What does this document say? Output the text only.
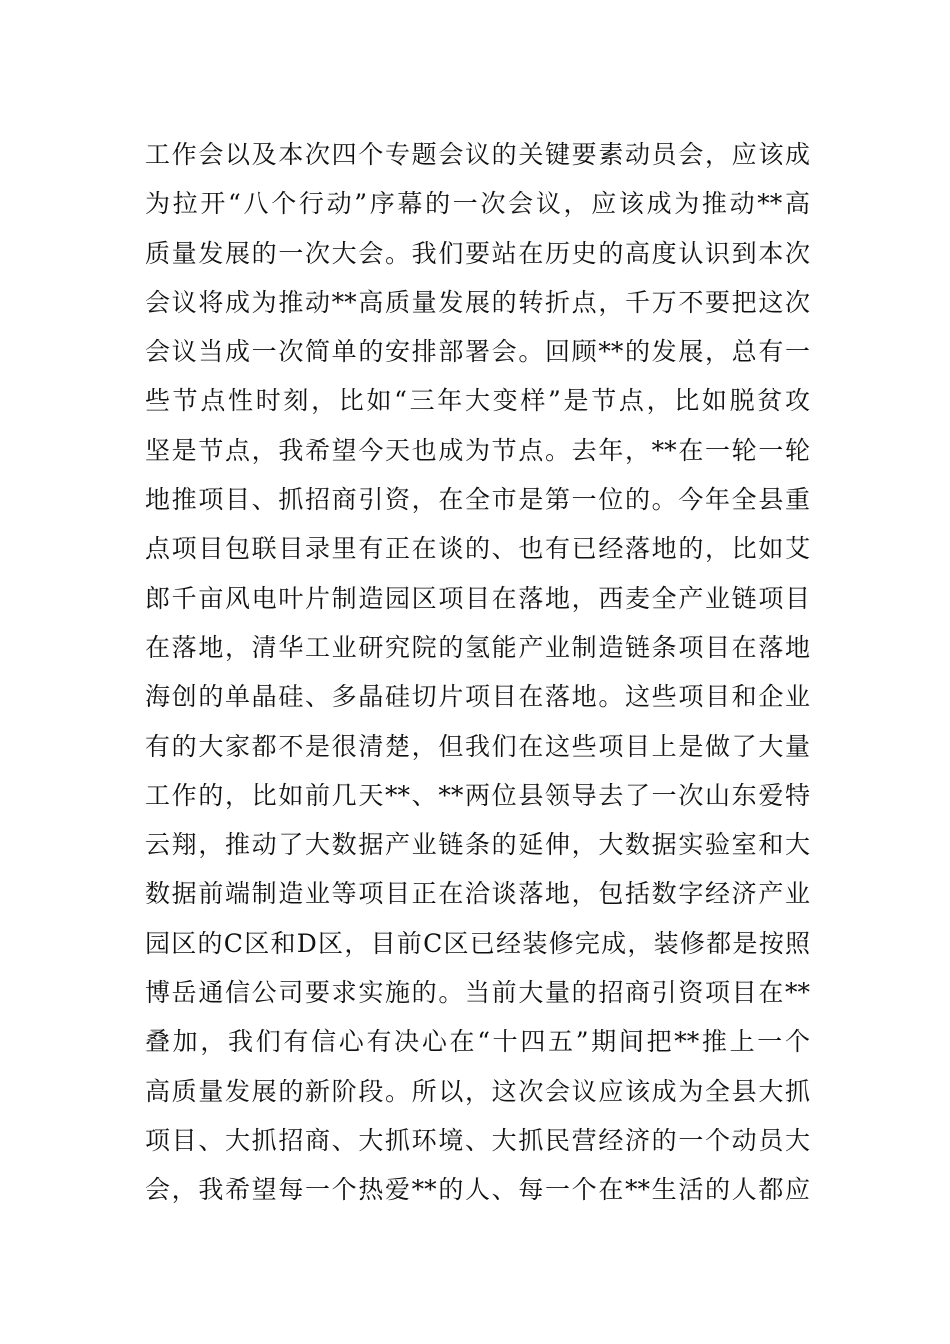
工作会以及本次四个专题会议的关键要素动员会，应该成
为拉开“八个行动”序幕的一次会议，应该成为推动**高
质量发展的一次大会。我们要站在历史的高度认识到本次
会议将成为推动**高质量发展的转折点，千万不要把这次
会议当成一次简单的安排部署会。回顾**的发展，总有一
些节点性时刻，比如“三年大变样”是节点，比如脱贫攻
坚是节点，我希望今天也成为节点。去年，**在一轮一轮
地推项目、抓招商引资，在全市是第一位的。今年全县重
点项目包联目录里有正在谈的、也有已经落地的，比如艾
郎千亩风电叶片制造园区项目在落地，西麦全产业链项目
在落地，清华工业研究院的氢能产业制造链条项目在落地
海创的单晶硅、多晶硅切片项目在落地。这些项目和企业
有的大家都不是很清楚，但我们在这些项目上是做了大量
工作的，比如前几天**、**两位县领导去了一次山东爱特
云翔，推动了大数据产业链条的延伸，大数据实验室和大
数据前端制造业等项目正在洽谈落地，包括数字经济产业
园区的C区和D区，目前C区已经装修完成，装修都是按照
博岳通信公司要求实施的。当前大量的招商引资项目在**
叠加，我们有信心有决心在“十四五”期间把**推上一个
高质量发展的新阶段。所以，这次会议应该成为全县大抓
项目、大抓招商、大抓环境、大抓民营经济的一个动员大
会，我希望每一个热爱**的人、每一个在**生活的人都应
